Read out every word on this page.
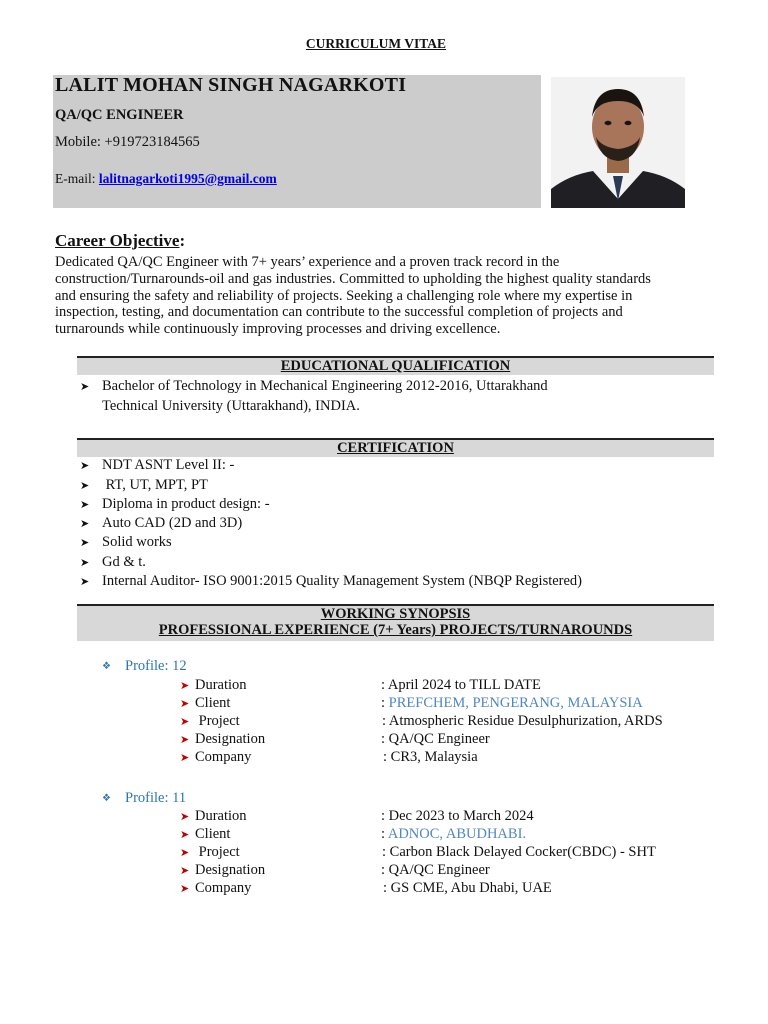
CURRICULUM VITAE
LALIT MOHAN SINGH NAGARKOTI
QA/QC ENGINEER
Mobile: +919723184565
E-mail: lalitnagarkoti1995@gmail.com
Career Objective:
Dedicated QA/QC Engineer with 7+ years’ experience and a proven track record in the construction/Turnarounds-oil and gas industries. Committed to upholding the highest quality standards and ensuring the safety and reliability of projects. Seeking a challenging role where my expertise in inspection, testing, and documentation can contribute to the successful completion of projects and turnarounds while continuously improving processes and driving excellence.
EDUCATIONAL QUALIFICATION
➤ Bachelor of Technology in Mechanical Engineering 2012-2016, Uttarakhand
Technical University (Uttarakhand), INDIA.
CERTIFICATION
➤ NDT ASNT Level II: -
➤ RT, UT, MPT, PT
➤ Diploma in product design: -
➤ Auto CAD (2D and 3D)
➤ Solid works
➤ Gd & t.
➤ Internal Auditor- ISO 9001:2015 Quality Management System (NBQP Registered)
WORKING SYNOPSIS
PROFESSIONAL EXPERIENCE (7+ Years) PROJECTS/TURNAROUNDS
❖ Profile: 12
➤ Duration	: April 2024 to TILL DATE
➤ Client	: PREFCHEM, PENGERANG, MALAYSIA
➤ Project	: Atmospheric Residue Desulphurization, ARDS
➤ Designation	: QA/QC Engineer
➤ Company	: CR3, Malaysia
❖ Profile: 11
➤ Duration	: Dec 2023 to March 2024
➤ Client	: ADNOC, ABUDHABI.
➤ Project	: Carbon Black Delayed Cocker(CBDC) - SHT
➤ Designation	: QA/QC Engineer
➤ Company	: GS CME, Abu Dhabi, UAE
